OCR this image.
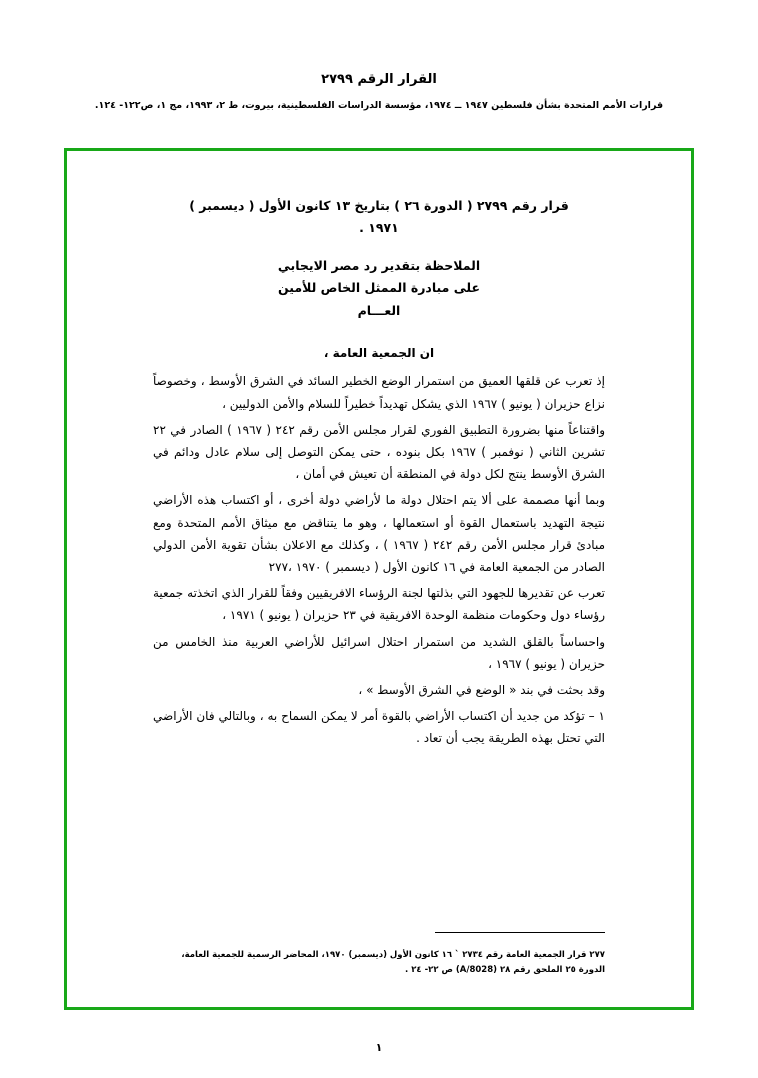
القرار الرقم ٢٧٩٩
قرارات الأمم المتحدة بشأن فلسطين ١٩٤٧ ــ ١٩٧٤، مؤسسة الدراسات الفلسطينية، بيروت، ط ٢، ١٩٩٣، مج ١، ص١٢٢- ١٢٤.
قرار رقم ٢٧٩٩ ( الدورة ٢٦ ) بتاريخ ١٣ كانون الأول ( ديسمبر )
١٩٧١ .
الملاحظة بتقدير رد مصر الايجابي
على مبادرة الممثل الخاص للأمين
العـــام

ان الجمعية العامة ،

إذ تعرب عن قلقها العميق من استمرار الوضع الخطير السائد في الشرق الأوسط ، وخصوصاً نزاع حزيران ( يونيو ) ١٩٦٧ الذي يشكل تهديداً خطيراً للسلام والأمن الدوليين ،

واقتناعاً منها بضرورة التطبيق الفوري لقرار مجلس الأمن رقم ٢٤٢ ( ١٩٦٧ ) الصادر في ٢٢ تشرين الثاني ( نوفمبر ) ١٩٦٧ بكل بنوده ، حتى يمكن التوصل إلى سلام عادل ودائم في الشرق الأوسط ينتج لكل دولة في المنطقة أن تعيش في أمان ،

وبما أنها مصممة على ألا يتم احتلال دولة ما لأراضي دولة أخرى ، أو اكتساب هذه الأراضي نتيجة التهديد باستعمال القوة أو استعمالها ، وهو ما يتناقض مع ميثاق الأمم المتحدة ومع مبادئ قرار مجلس الأمن رقم ٢٤٢ ( ١٩٦٧ ) ، وكذلك مع الاعلان بشأن تقوية الأمن الدولي الصادر من الجمعية العامة في ١٦ كانون الأول ( ديسمبر ) ١٩٧٠ ،٢٧٧

تعرب عن تقديرها للجهود التي بذلتها لجنة الرؤساء الافريقيين وفقاً للقرار الذي اتخذته جمعية رؤساء دول وحكومات منظمة الوحدة الافريقية في ٢٣ حزيران ( يونيو ) ١٩٧١ ،

واحساساً بالقلق الشديد من استمرار احتلال اسرائيل للأراضي العربية منذ الخامس من حزيران ( يونيو ) ١٩٦٧ ،

وقد بحثت في بند « الوضع في الشرق الأوسط » ،

١ – تؤكد من جديد أن اكتساب الأراضي بالقوة أمر لا يمكن السماح به ، وبالتالي فان الأراضي التي تحتل بهذه الطريقة يجب أن تعاد .

٢٧٧ قرار الجمعية العامة رقم ٢٧٣٤ ` ١٦ كانون الأول (ديسمبر) ١٩٧٠، المحاضر الرسمية للجمعية العامة، الدورة ٢٥ الملحق رقم ٢٨ (A/8028) ص ٢٢- ٢٤ .
١
